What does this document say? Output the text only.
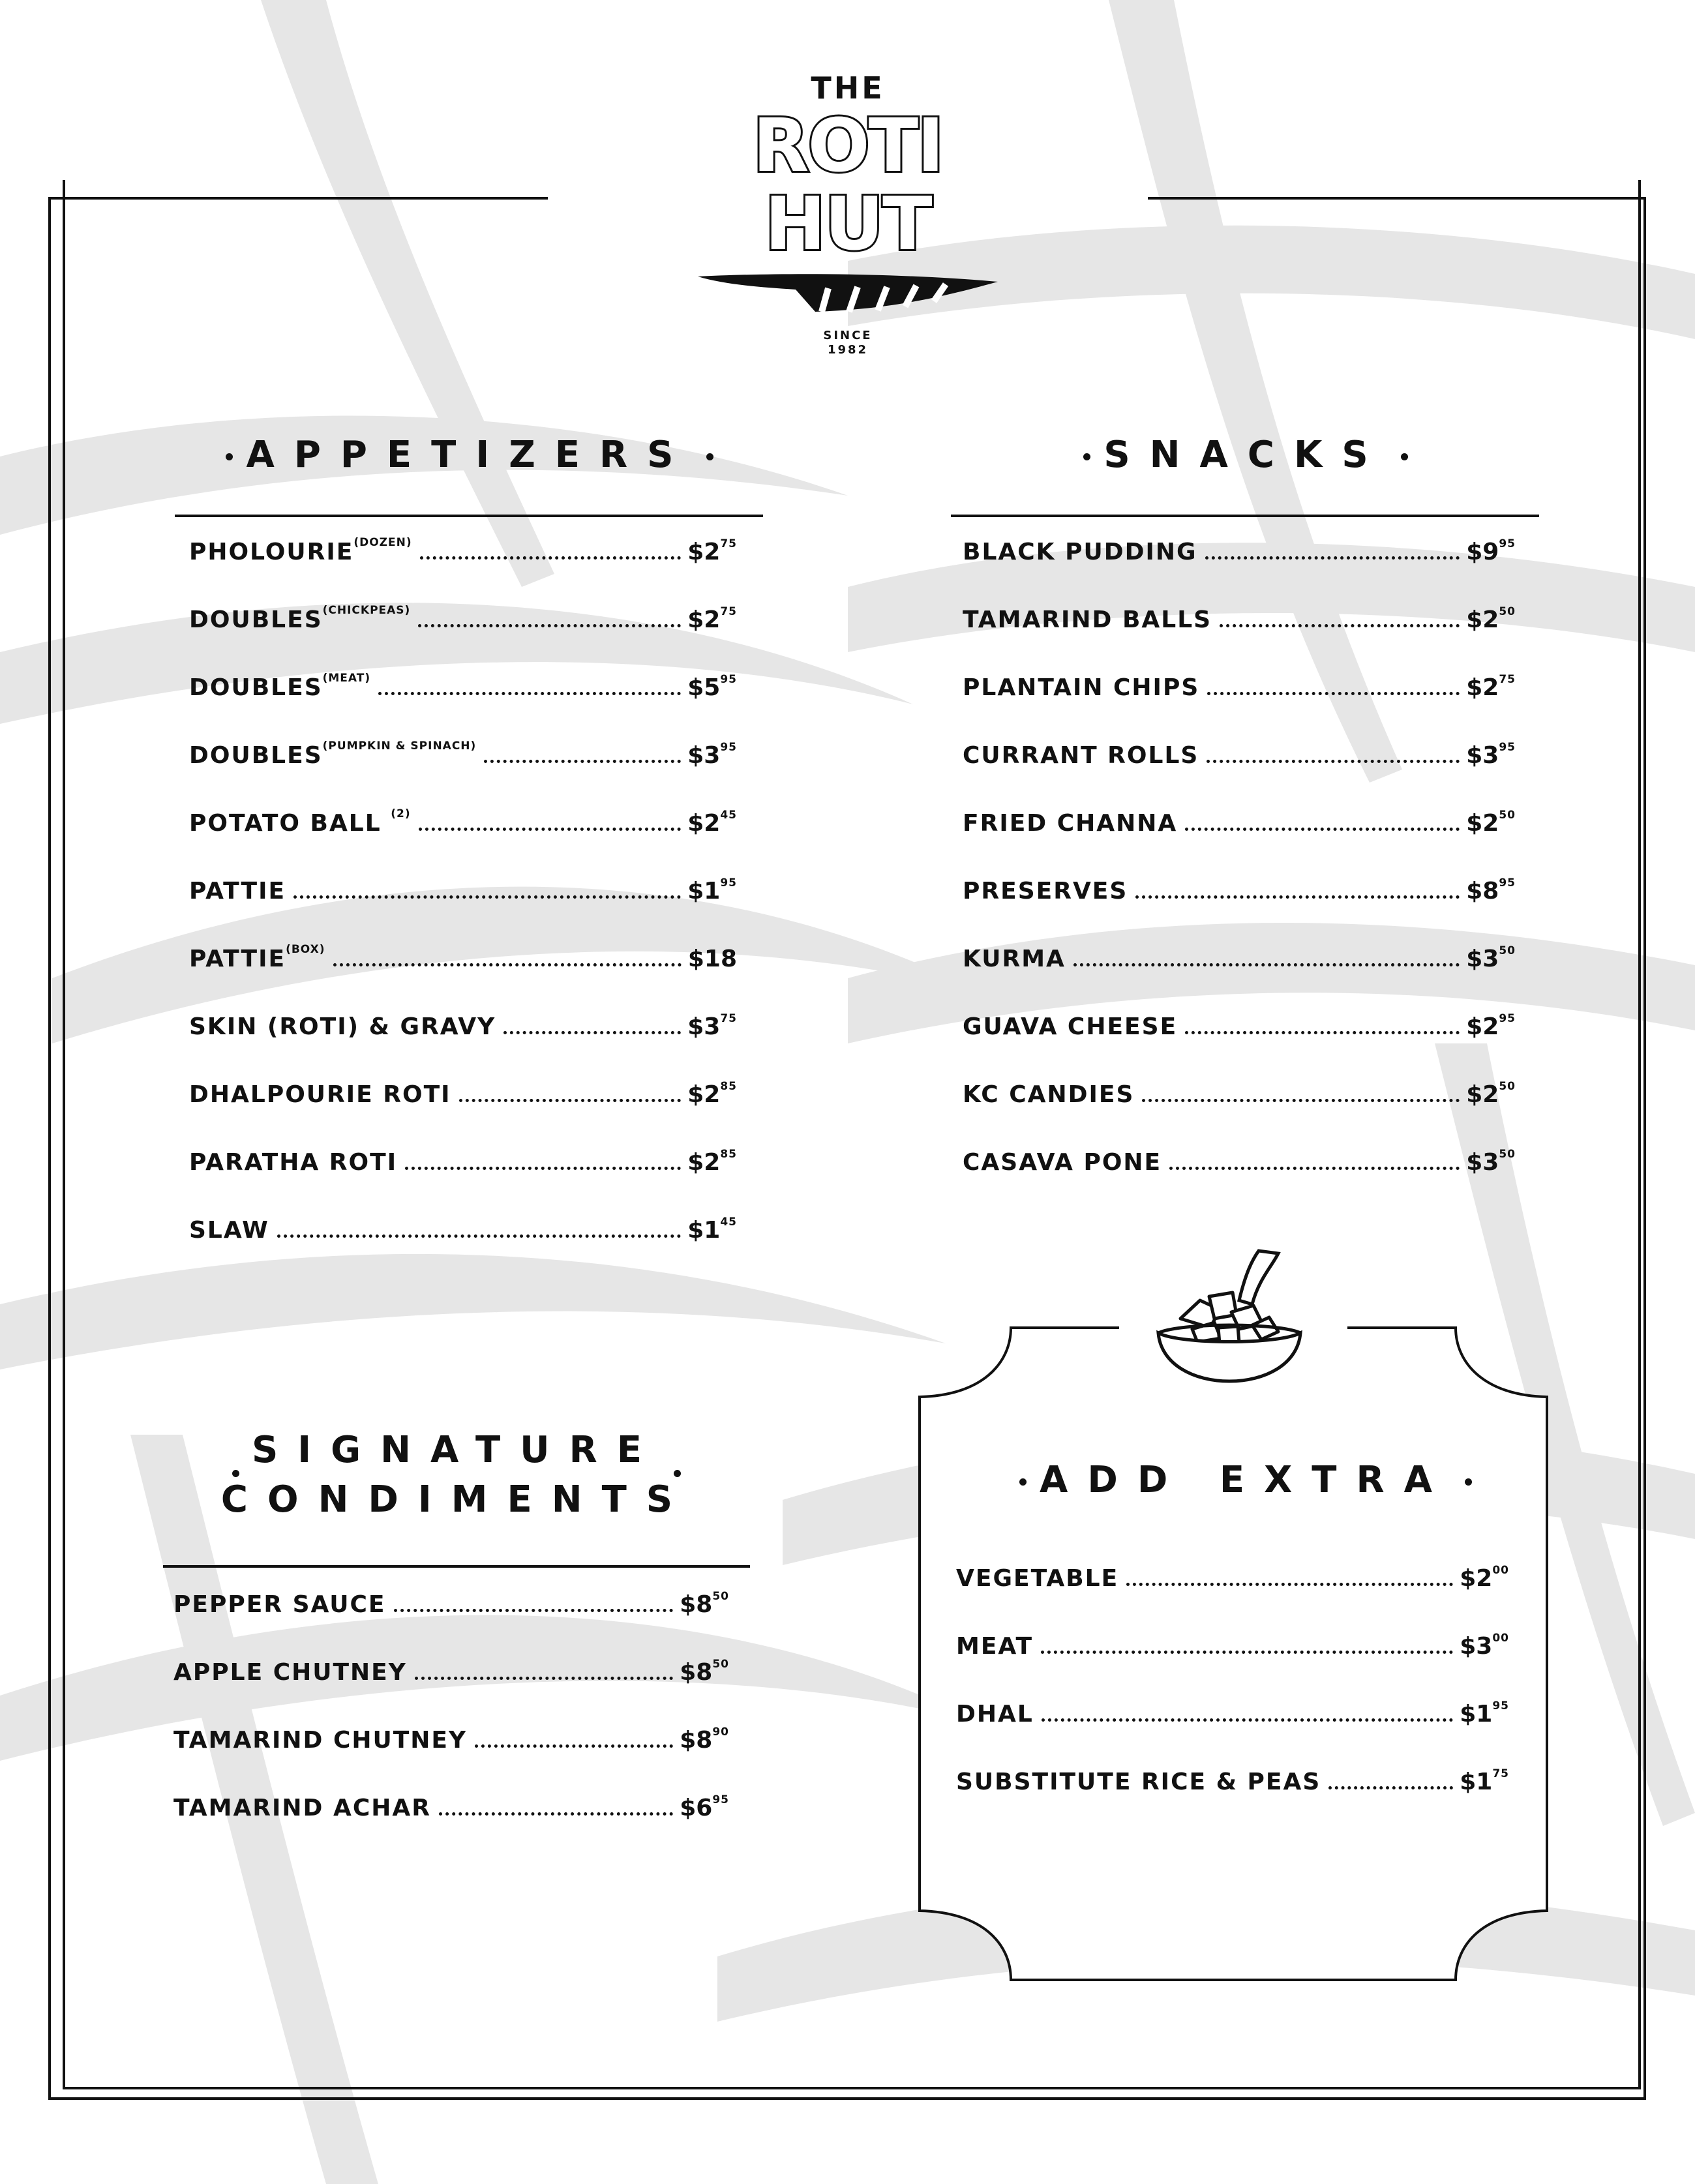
THE
ROTI HUT
SINCE
1982
APPETIZERS
$PHOLOURIE^{(DOZEN)}$	$\$2^{75}$
$DOUBLES^{(CHICKPEAS)}$	$\$2^{75}$
$DOUBLES^{(MEAT)}$	$\$5^{95}$
$DOUBLES^{(PUMPKIN \& SPINACH)}$	$\$3^{95}$
POTATO BALL $^{(2)}$	$\$2^{45}$
PATTIE	$\$1^{95}$
$PATTIE^{(BOX)}$	$18
SKIN (ROTI) & GRAVY	$\$3^{75}$
DHALPOURIE ROTI	$\$2^{85}$
PARATHA ROTI	$\$2^{85}$
SLAW	$\$1^{45}$
SNACKS
BLACK PUDDING	$\$9^{95}$
TAMARIND BALLS	$\$2^{50}$
PLANTAIN CHIPS	$\$2^{75}$
CURRANT ROLLS	$\$3^{95}$
FRIED CHANNA	$\$2^{50}$
PRESERVES	$\$8^{95}$
KURMA	$\$3^{50}$
GUAVA CHEESE	$\$2^{95}$
KC CANDIES	$\$2^{50}$
CASAVA PONE	$\$3^{50}$
SIGNATURE
CONDIMENTS
PEPPER SAUCE	$\$8^{50}$
APPLE CHUTNEY	$\$8^{50}$
TAMARIND CHUTNEY	$\$8^{90}$
TAMARIND ACHAR	$\$6^{95}$
ADD EXTRA
VEGETABLE	$\$2^{00}$
MEAT	$\$3^{00}$
DHAL	$\$1^{95}$
SUBSTITUTE RICE & PEAS	$\$1^{75}$
